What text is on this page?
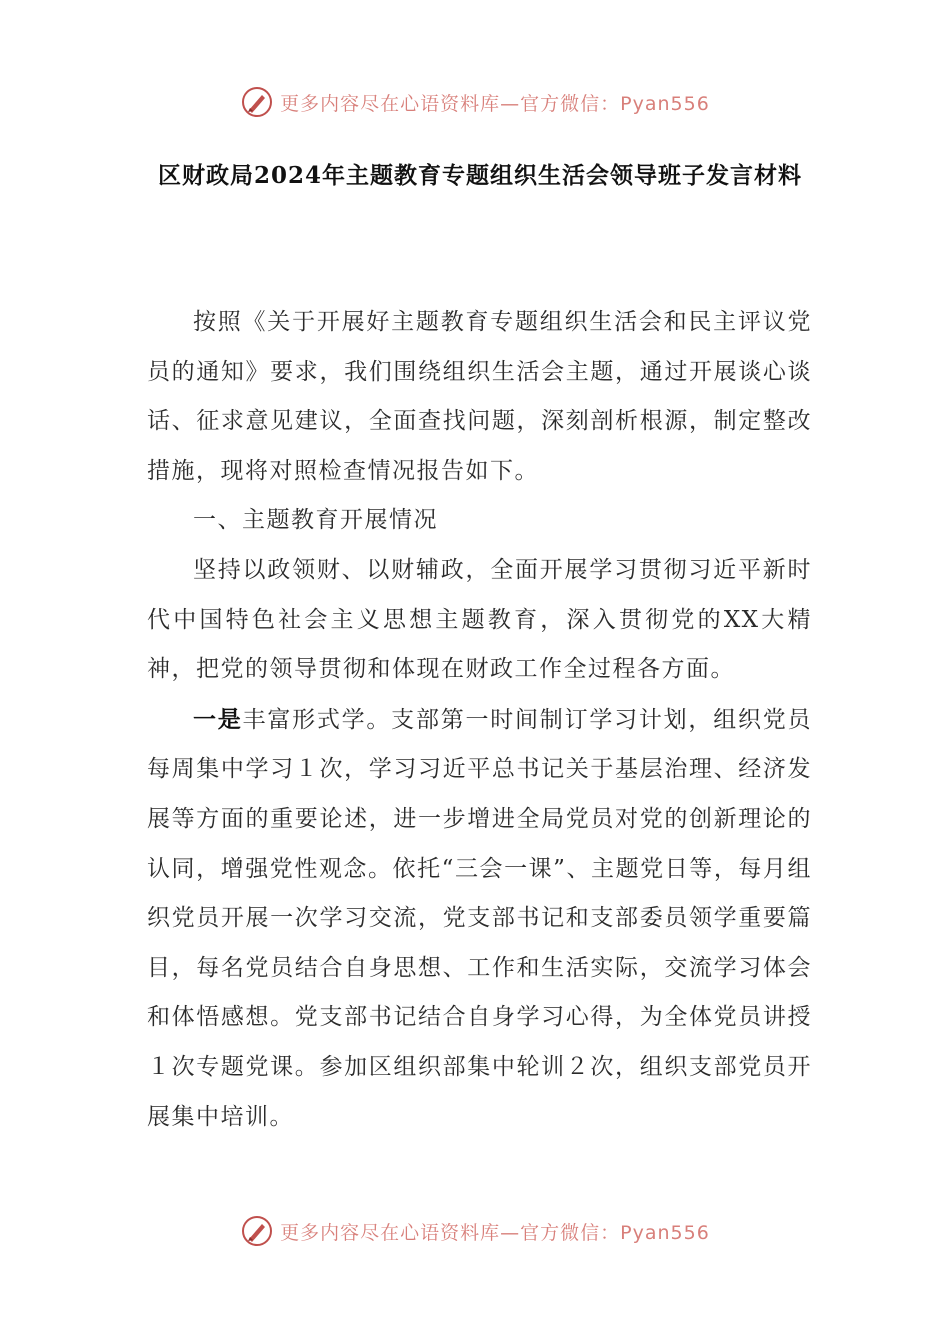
更多内容尽在心语资料库—官方微信：Pyan556
区财政局2024年主题教育专题组织生活会领导班子发言材料

按照《关于开展好主题教育专题组织生活会和民主评议党员的通知》要求，我们围绕组织生活会主题，通过开展谈心谈话、征求意见建议，全面查找问题，深刻剖析根源，制定整改措施，现将对照检查情况报告如下。

一、主题教育开展情况

坚持以政领财、以财辅政，全面开展学习贯彻习近平新时代中国特色社会主义思想主题教育，深入贯彻党的XX大精神，把党的领导贯彻和体现在财政工作全过程各方面。

一是丰富形式学。支部第一时间制订学习计划，组织党员每周集中学习１次，学习习近平总书记关于基层治理、经济发展等方面的重要论述，进一步增进全局党员对党的创新理论的认同，增强党性观念。依托“三会一课”、主题党日等，每月组织党员开展一次学习交流，党支部书记和支部委员领学重要篇目，每名党员结合自身思想、工作和生活实际，交流学习体会和体悟感想。党支部书记结合自身学习心得，为全体党员讲授１次专题党课。参加区组织部集中轮训２次，组织支部党员开展集中培训。

更多内容尽在心语资料库—官方微信：Pyan556
